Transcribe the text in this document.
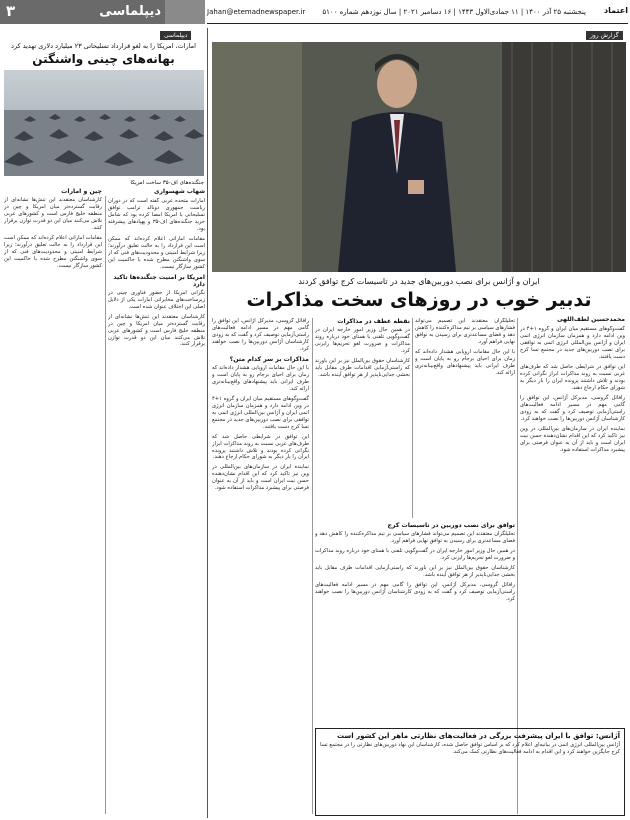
۳	دیپلماسی	Jahan@etemadnewspaper.ir پنجشنبه ۲۵ آذر ۱۴۰۰ | ۱۱ جمادی‌الاول ۱۴۴۳ | ۱۶ دسامبر ۲۰۲۱ | سال نوزدهم شماره ۵۱۰۰ اعتماد
دیپلماسی
امارات، امریکا را به لغو قرارداد تسلیحاتی ۲۳ میلیارد دلاری تهدید کرد
بهانه‌های چینی واشنگتن
جنگنده‌های اف-۳۵ ساخت امریکا
شهاب شهسواری

امارات متحده عربی گفته است که در دوران ریاست جمهوری دونالد ترامپ توافق تسلیحاتی با امریکا امضا کرده بود که شامل خرید جنگنده‌های اف-۳۵ و پهپادهای پیشرفته بود.

مقامات اماراتی اعلام کرده‌اند که ممکن است این قرارداد را به حالت تعلیق درآورند؛ زیرا شرایط امنیتی و محدودیت‌های فنی که از سوی واشنگتن مطرح شده با حاکمیت این کشور سازگار نیست.

امریکا بر امنیت جنگنده‌ها تاکید دارد

نگرانی امریکا از حضور فناوری چینی در زیرساخت‌های مخابراتی امارات یکی از دلایل اصلی این اختلاف عنوان شده است.

کارشناسان معتقدند این تنش‌ها نشانه‌ای از رقابت گسترده‌تر میان امریکا و چین در منطقه خلیج فارس است و کشورهای عربی تلاش می‌کنند میان این دو قدرت توازن برقرار کنند.

چین و امارات

کارشناسان معتقدند این تنش‌ها نشانه‌ای از رقابت گسترده‌تر میان امریکا و چین در منطقه خلیج فارس است و کشورهای عربی تلاش می‌کنند میان این دو قدرت توازن برقرار کنند.

مقامات اماراتی اعلام کرده‌اند که ممکن است این قرارداد را به حالت تعلیق درآورند؛ زیرا شرایط امنیتی و محدودیت‌های فنی که از سوی واشنگتن مطرح شده با حاکمیت این کشور سازگار نیست.

گزارش روز
ایران و آژانس برای نصب دوربین‌های جدید در تاسیسات کرج توافق کردند
تدبیر خوب در روزهای سخت مذاکرات
محمدحسین لطف‌اللهی

گفت‌وگوهای مستقیم میان ایران و گروه ۱+۴ در وین ادامه دارد و همزمان سازمان انرژی اتمی ایران و آژانس بین‌المللی انرژی اتمی به توافقی برای نصب دوربین‌های جدید در مجتمع تسا کرج دست یافتند.

این توافق در شرایطی حاصل شد که طرف‌های غربی نسبت به روند مذاکرات ابراز نگرانی کرده بودند و تلاش داشتند پرونده ایران را بار دیگر به شورای حکام ارجاع دهند.

رافائل گروسی، مدیرکل آژانس، این توافق را گامی مهم در مسیر ادامه فعالیت‌های راستی‌آزمایی توصیف کرد و گفت که به زودی کارشناسان آژانس دوربین‌ها را نصب خواهند کرد.

نماینده ایران در سازمان‌های بین‌المللی در وین نیز تاکید کرد که این اقدام نشان‌دهنده حسن نیت ایران است و باید از آن به عنوان فرصتی برای پیشبرد مذاکرات استفاده شود.

تحلیلگران معتقدند این تصمیم می‌تواند فشارهای سیاسی بر تیم مذاکره‌کننده را کاهش دهد و فضای مساعدتری برای رسیدن به توافق نهایی فراهم آورد.

با این حال مقامات اروپایی هشدار داده‌اند که زمان برای احیای برجام رو به پایان است و طرف ایرانی باید پیشنهادهای واقع‌بینانه‌تری ارائه کند.

نقطه عطف در مذاکرات

در همین حال وزیر امور خارجه ایران در گفت‌وگویی تلفنی با همتای خود درباره روند مذاکرات و ضرورت لغو تحریم‌ها رایزنی کرد.

کارشناسان حقوق بین‌الملل نیز بر این باورند که راستی‌آزمایی اقدامات طرف مقابل باید بخشی جدایی‌ناپذیر از هر توافق آینده باشد.

رافائل گروسی، مدیرکل آژانس، این توافق را گامی مهم در مسیر ادامه فعالیت‌های راستی‌آزمایی توصیف کرد و گفت که به زودی کارشناسان آژانس دوربین‌ها را نصب خواهند کرد.

مذاکرات بر سر کدام متن؟

با این حال مقامات اروپایی هشدار داده‌اند که زمان برای احیای برجام رو به پایان است و طرف ایرانی باید پیشنهادهای واقع‌بینانه‌تری ارائه کند.

گفت‌وگوهای مستقیم میان ایران و گروه ۱+۴ در وین ادامه دارد و همزمان سازمان انرژی اتمی ایران و آژانس بین‌المللی انرژی اتمی به توافقی برای نصب دوربین‌های جدید در مجتمع تسا کرج دست یافتند.

این توافق در شرایطی حاصل شد که طرف‌های غربی نسبت به روند مذاکرات ابراز نگرانی کرده بودند و تلاش داشتند پرونده ایران را بار دیگر به شورای حکام ارجاع دهند.

نماینده ایران در سازمان‌های بین‌المللی در وین نیز تاکید کرد که این اقدام نشان‌دهنده حسن نیت ایران است و باید از آن به عنوان فرصتی برای پیشبرد مذاکرات استفاده شود.

توافق برای نصب دوربین در تاسیسات کرج

تحلیلگران معتقدند این تصمیم می‌تواند فشارهای سیاسی بر تیم مذاکره‌کننده را کاهش دهد و فضای مساعدتری برای رسیدن به توافق نهایی فراهم آورد.

در همین حال وزیر امور خارجه ایران در گفت‌وگویی تلفنی با همتای خود درباره روند مذاکرات و ضرورت لغو تحریم‌ها رایزنی کرد.

کارشناسان حقوق بین‌الملل نیز بر این باورند که راستی‌آزمایی اقدامات طرف مقابل باید بخشی جدایی‌ناپذیر از هر توافق آینده باشد.

رافائل گروسی، مدیرکل آژانس، این توافق را گامی مهم در مسیر ادامه فعالیت‌های راستی‌آزمایی توصیف کرد و گفت که به زودی کارشناسان آژانس دوربین‌ها را نصب خواهند کرد.

آژانس: توافق با ایران پیشرفت بزرگی در فعالیت‌های نظارتی ماهر این کشور است

آژانس بین‌المللی انرژی اتمی در بیانیه‌ای اعلام کرد که بر اساس توافق حاصل شده، کارشناسان این نهاد دوربین‌های نظارتی را در مجتمع تسا کرج جایگزین خواهند کرد و این اقدام به ادامه فعالیت‌های نظارتی کمک می‌کند.
